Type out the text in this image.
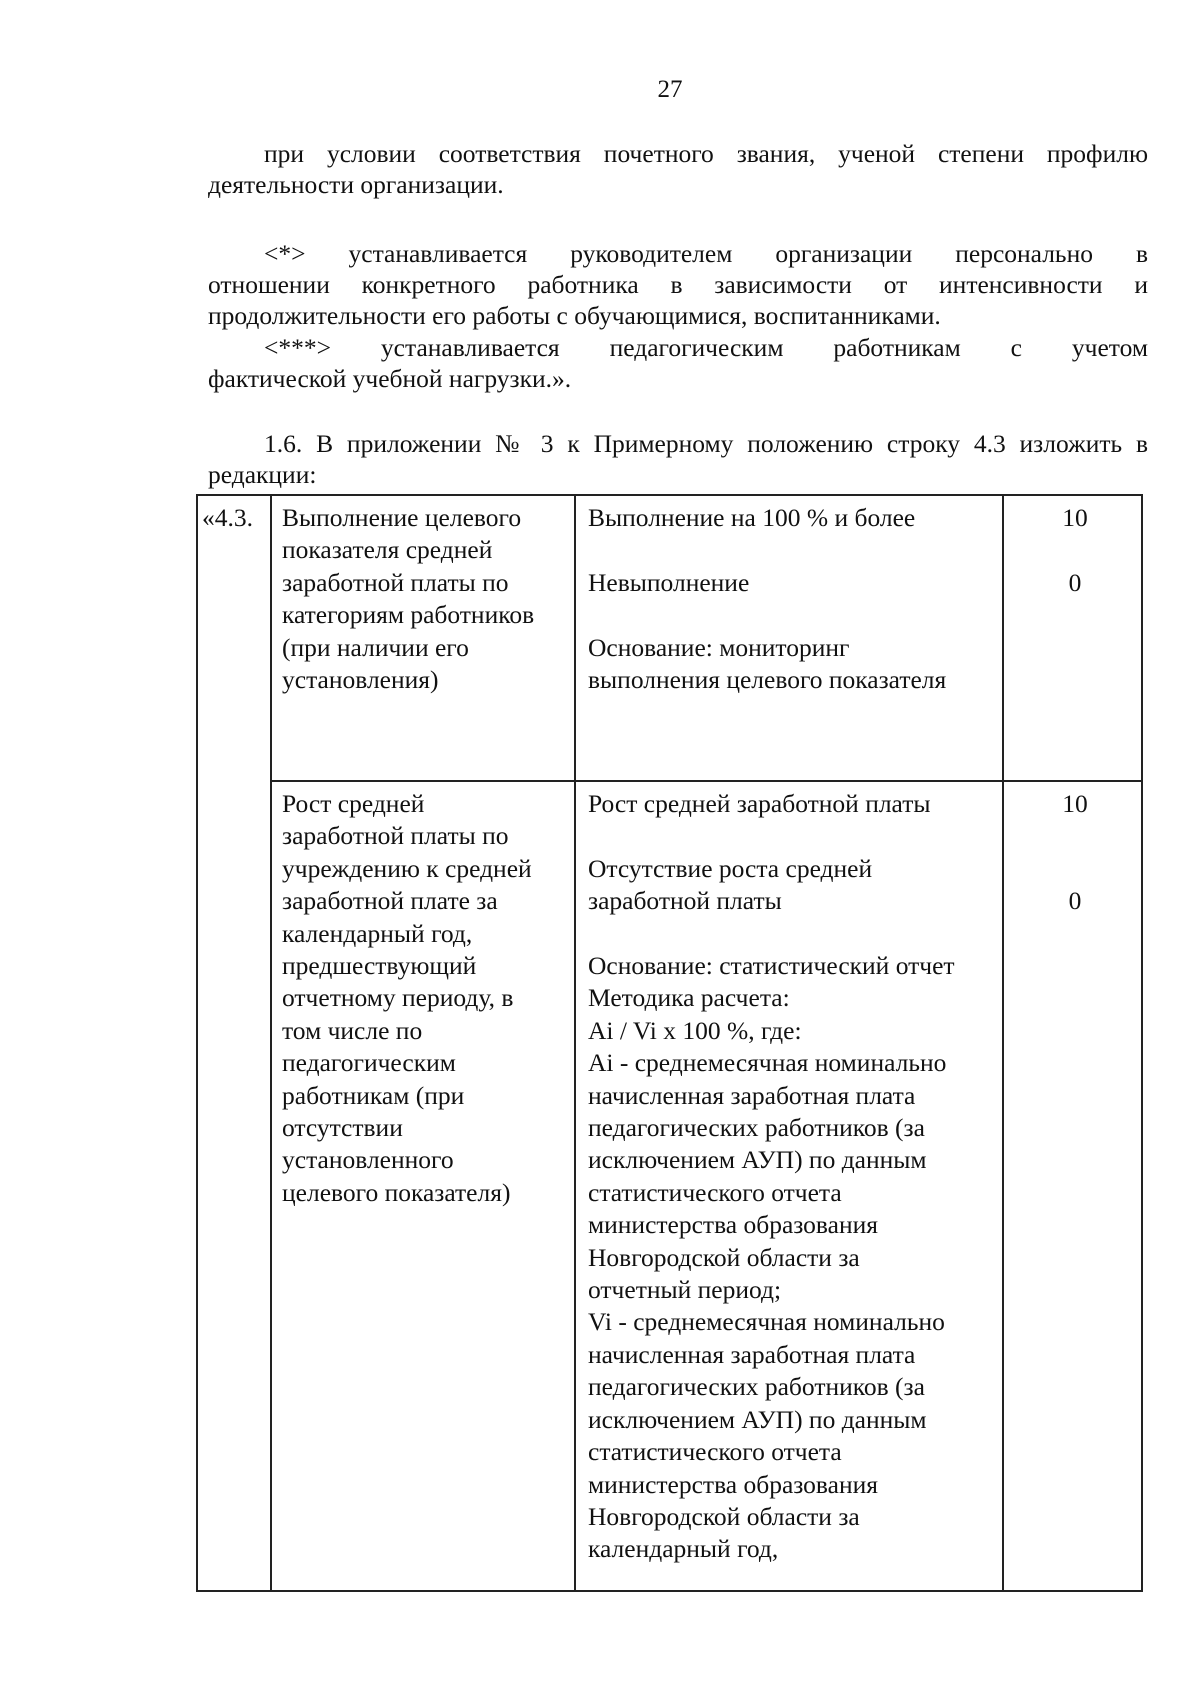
27
при условии соответствия почетного звания, ученой степени профилю
деятельности организации.
<*> устанавливается руководителем организации персонально в
отношении конкретного работника в зависимости от интенсивности и
продолжительности его работы с обучающимися, воспитанниками.
<***> устанавливается педагогическим работникам с учетом
фактической учебной нагрузки.».
1.6. В приложении № 3 к Примерному положению строку 4.3 изложить в
редакции:
«4.3. Выполнение целевого
показателя средней
заработной платы по
категориям работников
(при наличии его
установления)
Выполнение на 100 % и более
Невыполнение
Основание: мониторинг
выполнения целевого показателя
10
0
Рост средней
заработной платы по
учреждению к средней
заработной плате за
календарный год,
предшествующий
отчетному периоду, в
том числе по
педагогическим
работникам (при
отсутствии
установленного
целевого показателя)
Рост средней заработной платы
Отсутствие роста средней
заработной платы
Основание: статистический отчет
Методика расчета:
Ai / Vi х 100 %, где:
Ai - среднемесячная номинально
начисленная заработная плата
педагогических работников (за
исключением АУП) по данным
статистического отчета
министерства образования
Новгородской области за
отчетный период;
Vi - среднемесячная номинально
начисленная заработная плата
педагогических работников (за
исключением АУП) по данным
статистического отчета
министерства образования
Новгородской области за
календарный год,
10
0
